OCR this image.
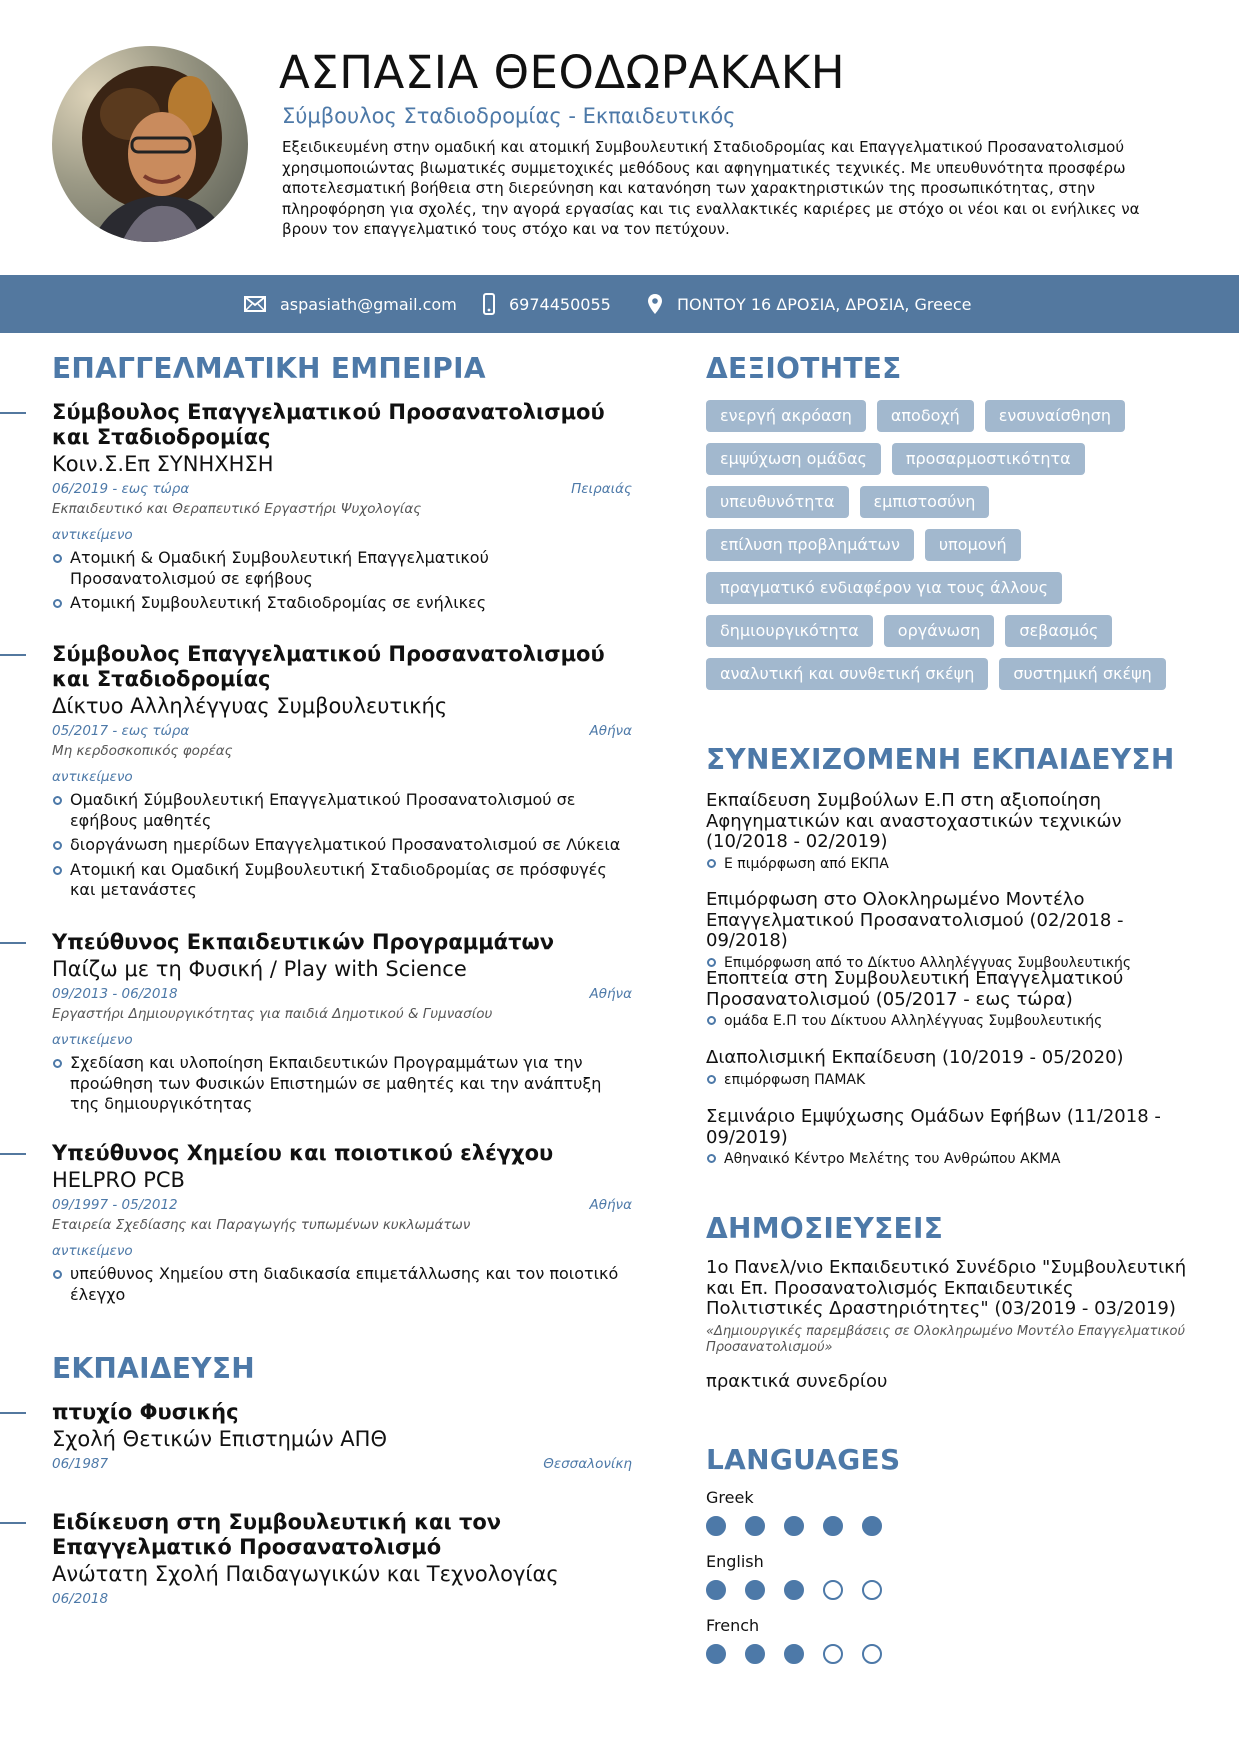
ΑΣΠΑΣΙΑ ΘΕΟΔΩΡΑΚΑΚΗ
Σύμβουλος Σταδιοδρομίας - Εκπαιδευτικός
Εξειδικευμένη στην ομαδική και ατομική Συμβουλευτική Σταδιοδρομίας και Επαγγελματικού Προσανατολισμού χρησιμοποιώντας βιωματικές συμμετοχικές μεθόδους και αφηγηματικές τεχνικές. Με υπευθυνότητα προσφέρω αποτελεσματική βοήθεια στη διερεύνηση και κατανόηση των χαρακτηριστικών της προσωπικότητας, στην πληροφόρηση για σχολές, την αγορά εργασίας και τις εναλλακτικές καριέρες με στόχο οι νέοι και οι ενήλικες να βρουν τον επαγγελματικό τους στόχο και να τον πετύχουν.
aspasiath@gmail.com	6974450055	ΠΟΝΤΟΥ 16 ΔΡΟΣΙΑ, ΔΡΟΣΙΑ, Greece
ΕΠΑΓΓΕΛΜΑΤΙΚΗ ΕΜΠΕΙΡΙΑ
Σύμβουλος Επαγγελματικού Προσανατολισμού και Σταδιοδρομίας
Κοιν.Σ.Επ ΣΥΝΗΧΗΣΗ
06/2019 - εως τώρα	Πειραιάς
Εκπαιδευτικό και Θεραπευτικό Εργαστήρι Ψυχολογίας
αντικείμενο
Ατομική & Ομαδική Συμβουλευτική Επαγγελματικού Προσανατολισμού σε εφήβους
Ατομική Συμβουλευτική Σταδιοδρομίας σε ενήλικες
Σύμβουλος Επαγγελματικού Προσανατολισμού και Σταδιοδρομίας
Δίκτυο Αλληλέγγυας Συμβουλευτικής
05/2017 - εως τώρα	Αθήνα
Μη κερδοσκοπικός φορέας
αντικείμενο
Ομαδική Σύμβουλευτική Επαγγελματικού Προσανατολισμού σε εφήβους μαθητές
διοργάνωση ημερίδων Επαγγελματικού Προσανατολισμού σε Λύκεια
Ατομική και Ομαδική Συμβουλευτική Σταδιοδρομίας σε πρόσφυγές και μετανάστες
Υπεύθυνος Εκπαιδευτικών Προγραμμάτων
Παίζω με τη Φυσική / Play with Science
09/2013 - 06/2018	Αθήνα
Εργαστήρι Δημιουργικότητας για παιδιά Δημοτικού & Γυμνασίου
αντικείμενο
Σχεδίαση και υλοποίηση Εκπαιδευτικών Προγραμμάτων για την προώθηση των Φυσικών Επιστημών σε μαθητές και την ανάπτυξη της δημιουργικότητας
Υπεύθυνος Χημείου και ποιοτικού ελέγχου
HELPRO PCB
09/1997 - 05/2012	Αθήνα
Εταιρεία Σχεδίασης και Παραγωγής τυπωμένων κυκλωμάτων
αντικείμενο
υπεύθυνος Χημείου στη διαδικασία επιμετάλλωσης και τον ποιοτικό έλεγχο
ΕΚΠΑΙΔΕΥΣΗ
πτυχίο Φυσικής
Σχολή Θετικών Επιστημών ΑΠΘ
06/1987	Θεσσαλονίκη
Ειδίκευση στη Συμβουλευτική και τον Επαγγελματικό Προσανατολισμό
Ανώτατη Σχολή Παιδαγωγικών και Τεχνολογίας
06/2018
ΔΕΞΙΟΤΗΤΕΣ
ενεργή ακρόαση	αποδοχή	ενσυναίσθηση
εμψύχωση ομάδας	προσαρμοστικότητα
υπευθυνότητα	εμπιστοσύνη
επίλυση προβλημάτων	υπομονή
πραγματικό ενδιαφέρον για τους άλλους
δημιουργικότητα	οργάνωση	σεβασμός
αναλυτική και συνθετική σκέψη	συστημική σκέψη
ΣΥΝΕΧΙΖΟΜΕΝΗ ΕΚΠΑΙΔΕΥΣΗ
Εκπαίδευση Συμβούλων Ε.Π στη αξιοποίηση Αφηγηματικών και αναστοχαστικών τεχνικών (10/2018 - 02/2019)
Ε πιμόρφωση από ΕΚΠΑ
Επιμόρφωση στο Ολοκληρωμένο Μοντέλο Επαγγελματικού Προσανατολισμού (02/2018 - 09/2018)
Επιμόρφωση από το Δίκτυο Αλληλέγγυας Συμβουλευτικής
Εποπτεία στη Συμβουλευτική Επαγγελματικού Προσανατολισμού (05/2017 - εως τώρα)
ομάδα Ε.Π του Δίκτυου Αλληλέγγυας Συμβουλευτικής
Διαπολισμική Εκπαίδευση (10/2019 - 05/2020)
επιμόρφωση ΠΑΜΑΚ
Σεμινάριο Εμψύχωσης Ομάδων Εφήβων (11/2018 - 09/2019)
Αθηναικό Κέντρο Μελέτης του Ανθρώπου ΑΚΜΑ
ΔΗΜΟΣΙΕΥΣΕΙΣ
1ο Πανελ/νιο Εκπαιδευτικό Συνέδριο "Συμβουλευτική και Επ. Προσανατολισμός Εκπαιδευτικές Πολιτιστικές Δραστηριότητες" (03/2019 - 03/2019)
«Δημιουργικές παρεμβάσεις σε Ολοκληρωμένο Μοντέλο Επαγγελματικού Προσανατολισμού»
πρακτικά συνεδρίου
LANGUAGES
Greek
English
French
